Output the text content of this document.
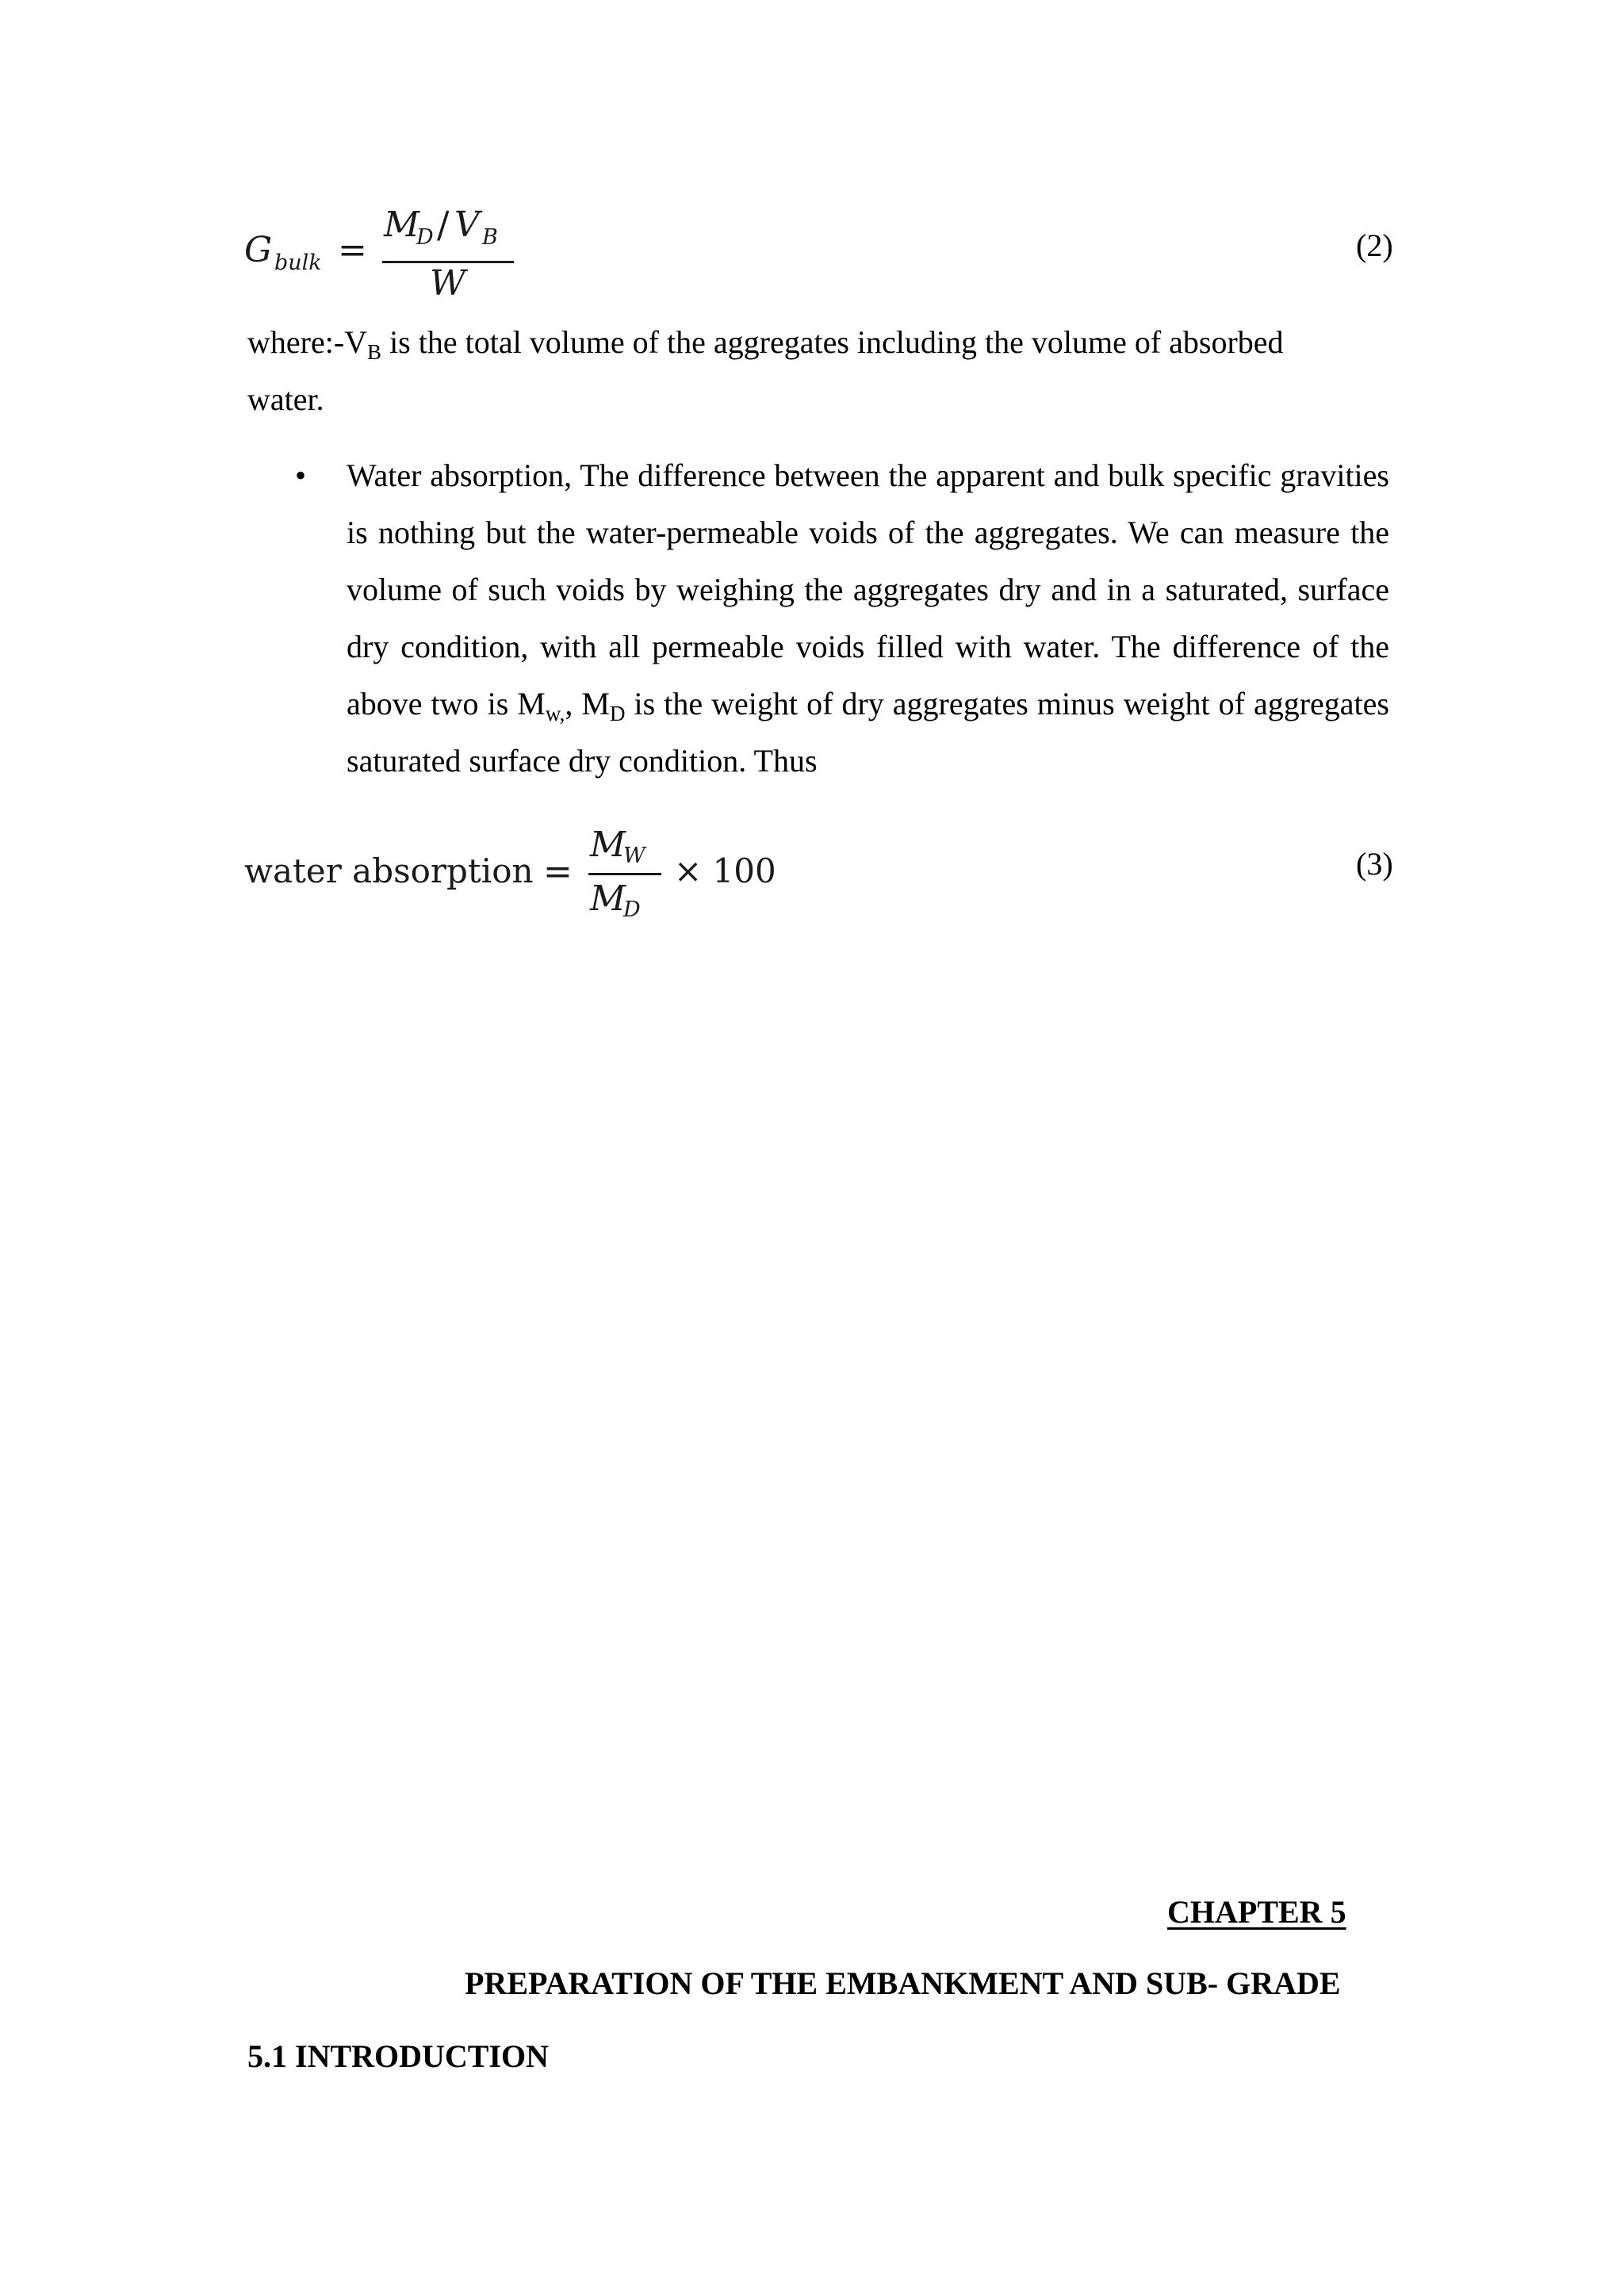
G bulk =
M
D / V B
W
(2)
$where:-V_B$ is the total volume of the aggregates including the volume of absorbed
water.
• Water absorption, The difference between the apparent and bulk specific gravities is nothing but the water-permeable voids of the aggregates. We can measure the volume of such voids by weighing the aggregates dry and in a saturated, surface dry condition, with all permeable voids filled with water. The difference of the above two is $M_{w,}$, $M_D$ is the weight of dry aggregates minus weight of aggregates saturated surface dry condition. Thus
water absorption =
M
W
M
D
× 100	(3)
CHAPTER 5
PREPARATION OF THE EMBANKMENT AND SUB- GRADE
5.1 INTRODUCTION
